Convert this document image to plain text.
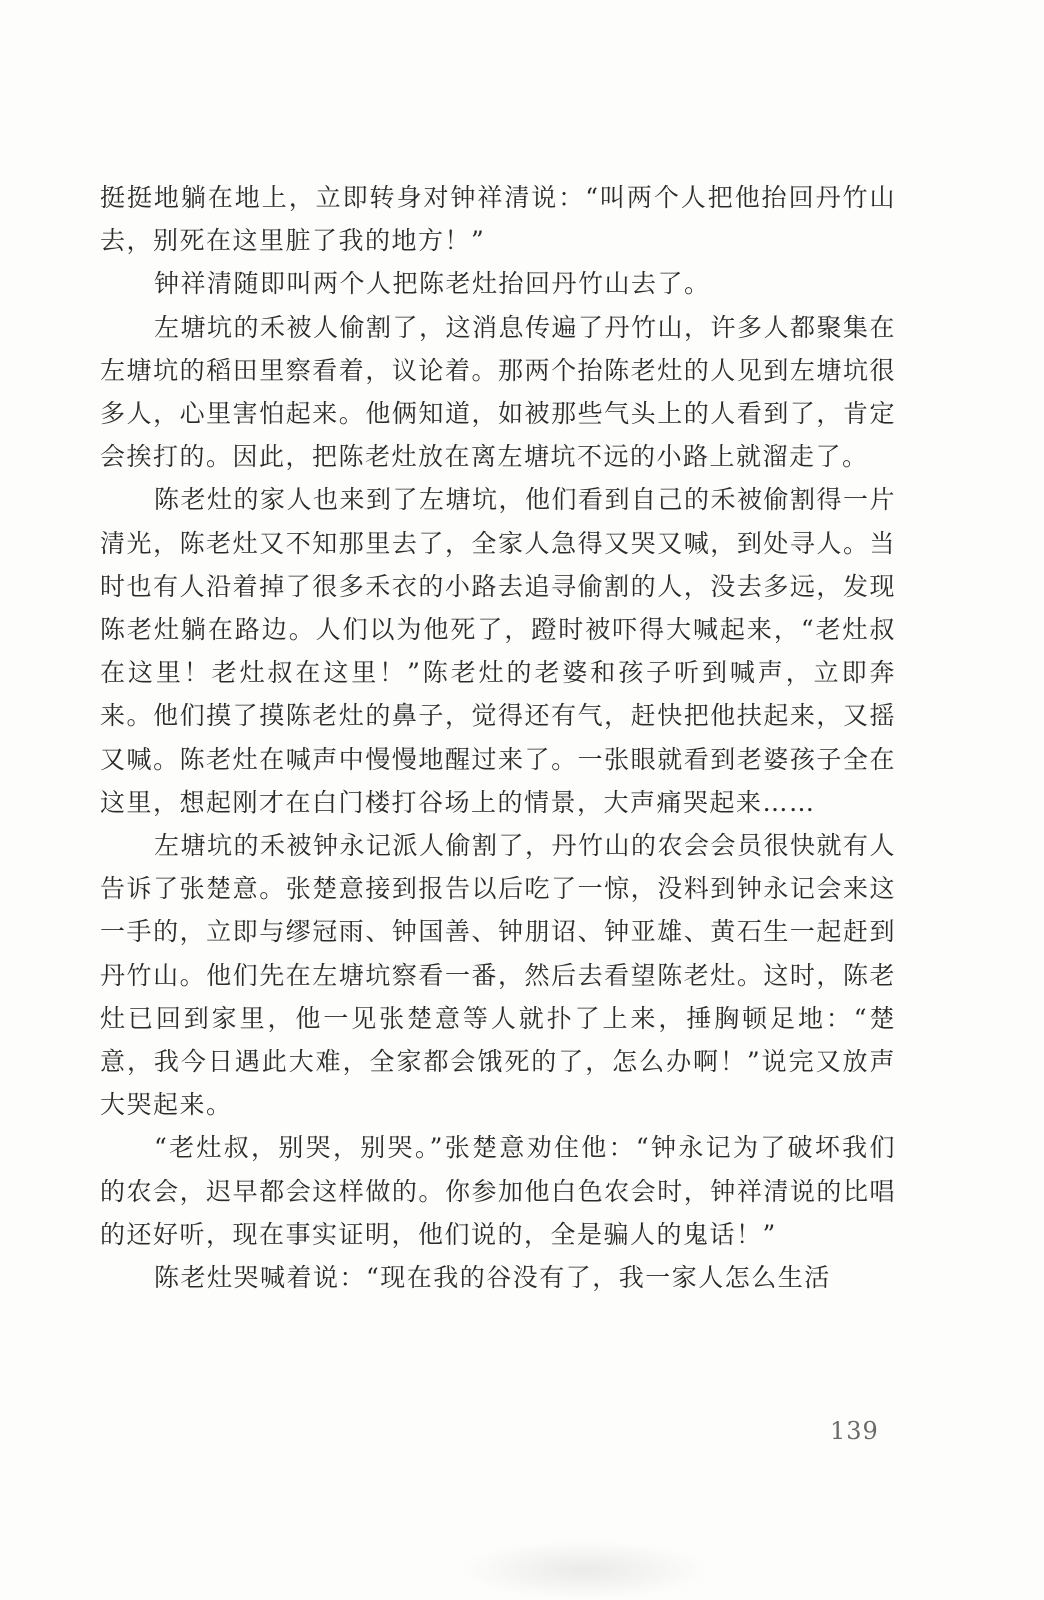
挺挺地躺在地上，立即转身对钟祥清说：“叫两个人把他抬回丹竹山去，别死在这里脏了我的地方！”

钟祥清随即叫两个人把陈老灶抬回丹竹山去了。

左塘坑的禾被人偷割了，这消息传遍了丹竹山，许多人都聚集在左塘坑的稻田里察看着，议论着。那两个抬陈老灶的人见到左塘坑很多人，心里害怕起来。他俩知道，如被那些气头上的人看到了，肯定会挨打的。因此，把陈老灶放在离左塘坑不远的小路上就溜走了。

陈老灶的家人也来到了左塘坑，他们看到自己的禾被偷割得一片清光，陈老灶又不知那里去了，全家人急得又哭又喊，到处寻人。当时也有人沿着掉了很多禾衣的小路去追寻偷割的人，没去多远，发现陈老灶躺在路边。人们以为他死了，蹬时被吓得大喊起来，“老灶叔在这里！老灶叔在这里！”陈老灶的老婆和孩子听到喊声，立即奔来。他们摸了摸陈老灶的鼻子，觉得还有气，赶快把他扶起来，又摇又喊。陈老灶在喊声中慢慢地醒过来了。一张眼就看到老婆孩子全在这里，想起刚才在白门楼打谷场上的情景，大声痛哭起来……

左塘坑的禾被钟永记派人偷割了，丹竹山的农会会员很快就有人告诉了张楚意。张楚意接到报告以后吃了一惊，没料到钟永记会来这一手的，立即与缪冠雨、钟国善、钟朋诏、钟亚雄、黄石生一起赶到丹竹山。他们先在左塘坑察看一番，然后去看望陈老灶。这时，陈老灶已回到家里，他一见张楚意等人就扑了上来，捶胸顿足地：“楚意，我今日遇此大难，全家都会饿死的了，怎么办啊！”说完又放声大哭起来。

“老灶叔，别哭，别哭。”张楚意劝住他：“钟永记为了破坏我们的农会，迟早都会这样做的。你参加他白色农会时，钟祥清说的比唱的还好听，现在事实证明，他们说的，全是骗人的鬼话！”

陈老灶哭喊着说：“现在我的谷没有了，我一家人怎么生活

139
